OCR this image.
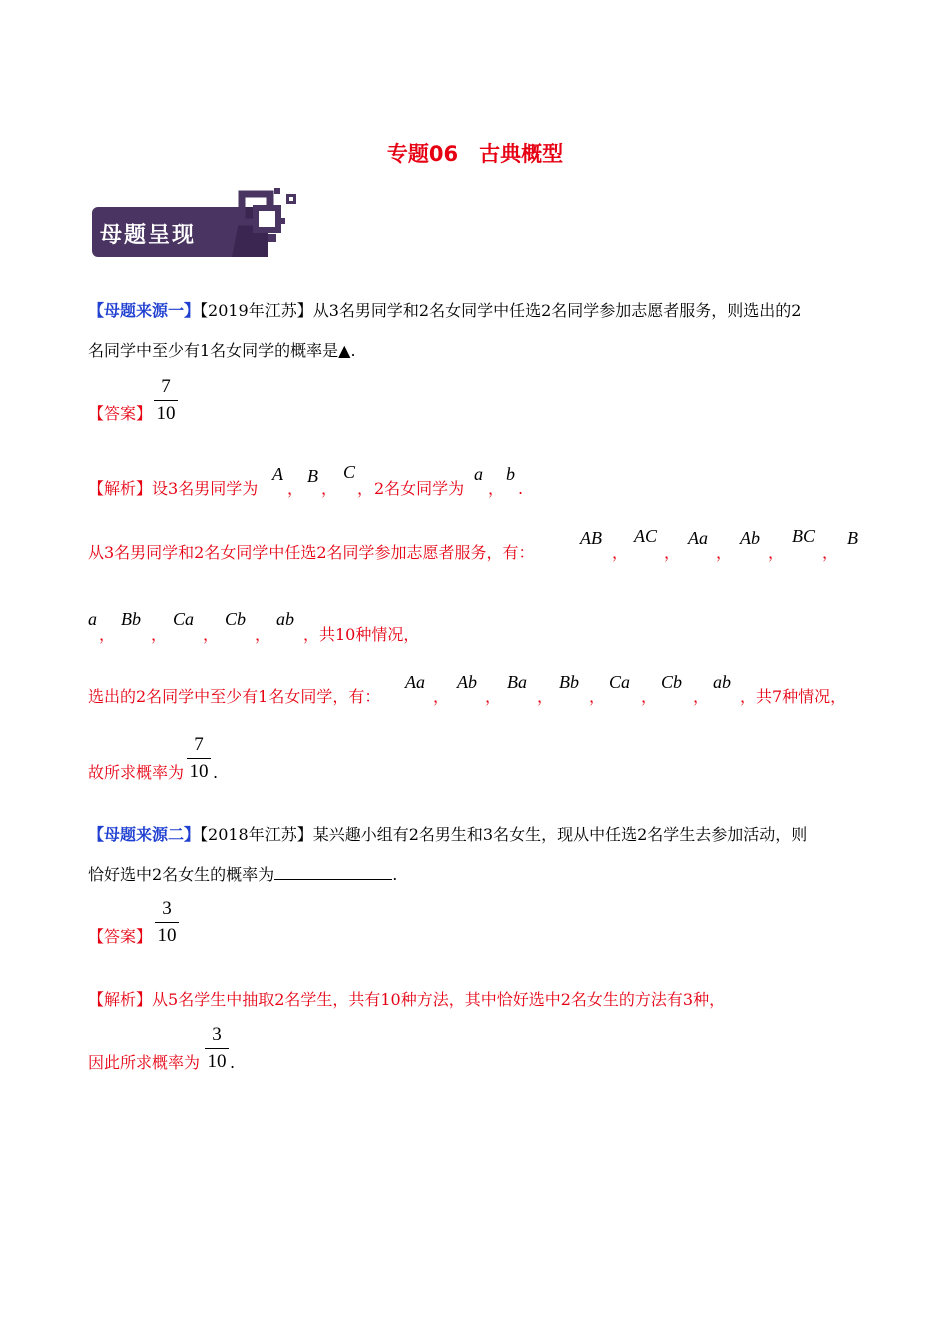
专题06　古典概型
母题呈现
【母题来源一】【2019年江苏】从3名男同学和2名女同学中任选2名同学参加志愿者服务，则选出的2
名同学中至少有1名女同学的概率是▲.
7
10
【答案】
【解析】设3名男同学为
A
，
B
，
C
， 2名女同学为
a
，
b
.
从3名男同学和2名女同学中任选2名同学参加志愿者服务，有：
AB
，
AC
，
Aa
，
Ab
，
BC
，
B
a
，
Bb
，
Ca
，
Cb
，
ab
，共10种情况，
选出的2名同学中至少有1名女同学，有：
Aa
，
Ab
，
Ba
，
Bb
，
Ca
，
Cb
，
ab
，共7种情况，
7
10
故所求概率为 .
【母题来源二】【2018年江苏】某兴趣小组有2名男生和3名女生，现从中任选2名学生去参加活动，则
恰好选中2名女生的概率为	.
3
10
【答案】
【解析】从5名学生中抽取2名学生，共有10种方法，其中恰好选中2名女生的方法有3种，
3
10
因此所求概率为 .
